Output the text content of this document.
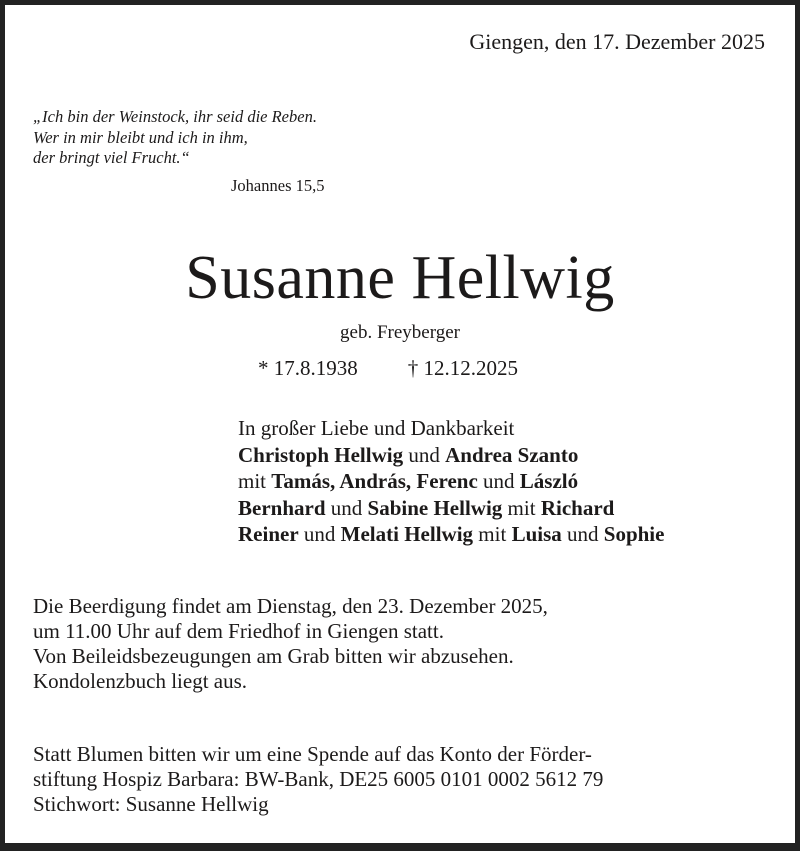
Giengen, den 17. Dezember 2025
„Ich bin der Weinstock, ihr seid die Reben.
Wer in mir bleibt und ich in ihm,
der bringt viel Frucht.“
Johannes 15,5
Susanne Hellwig
geb. Freyberger
* 17.8.1938 † 12.12.2025
In großer Liebe und Dankbarkeit
Christoph Hellwig und Andrea Szanto
mit Tamás, András, Ferenc und László
Bernhard und Sabine Hellwig mit Richard
Reiner und Melati Hellwig mit Luisa und Sophie
Die Beerdigung findet am Dienstag, den 23. Dezember 2025,
um 11.00 Uhr auf dem Friedhof in Giengen statt.
Von Beileidsbezeugungen am Grab bitten wir abzusehen.
Kondolenzbuch liegt aus.
Statt Blumen bitten wir um eine Spende auf das Konto der Förder-
stiftung Hospiz Barbara: BW-Bank, DE25 6005 0101 0002 5612 79
Stichwort: Susanne Hellwig
